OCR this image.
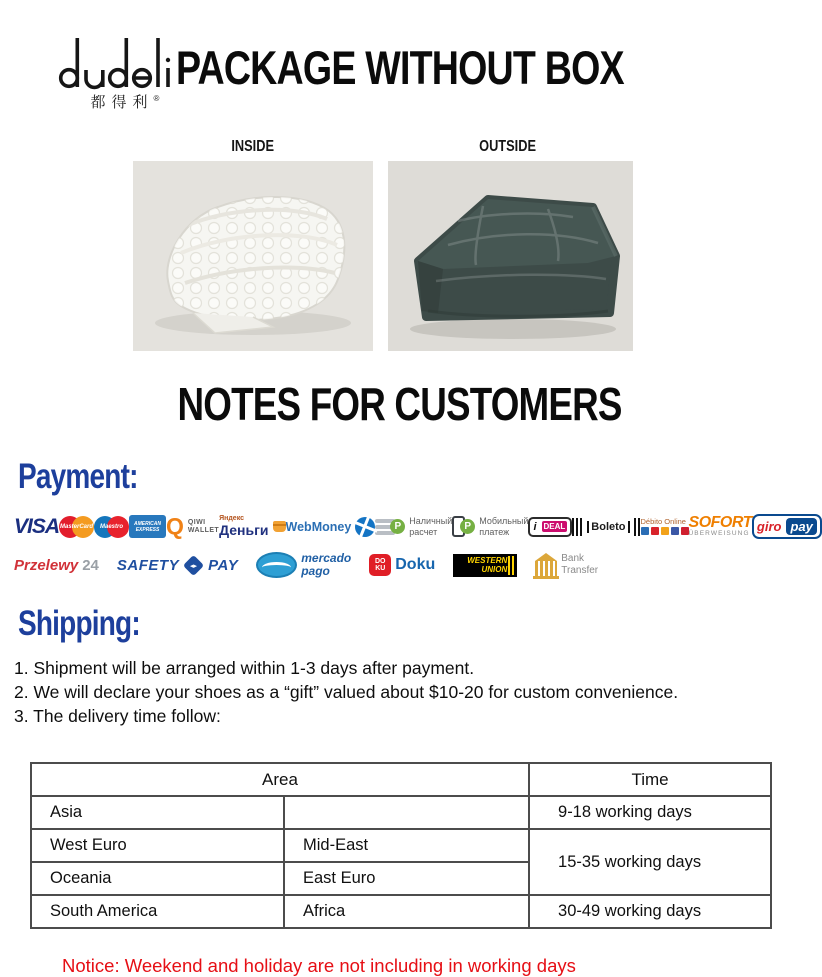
都得利®
PACKAGE WITHOUT BOX
INSIDE	OUTSIDE
NOTES FOR CUSTOMERS
Payment:
VISA MasterCard	Maestro	AMERICAN EXPRESS Q QIWI
WALLET
Яндекс
Деньги WebMoney	P Наличный
расчет	P Мобильный
платеж	i DEAL	Boleto	Débito Online SOFORT
ÜBERWEISUNG giro pay
Przelewy 24 SAFETY ◂▸ PAY	mercado
pago
DO
KU Doku	WESTERN
UNION
Bank
Transfer
Shipping:
1. Shipment will be arranged within 1-3 days after payment.
2. We will declare your shoes as a “gift” valued about $10-20 for custom convenience.
3. The delivery time follow:
Area		Time
Asia		9-18 working days
West Euro	Mid-East	15-35 working days
Oceania	East Euro	
South America	Africa	30-49 working days
Notice: Weekend and holiday are not including in working days
